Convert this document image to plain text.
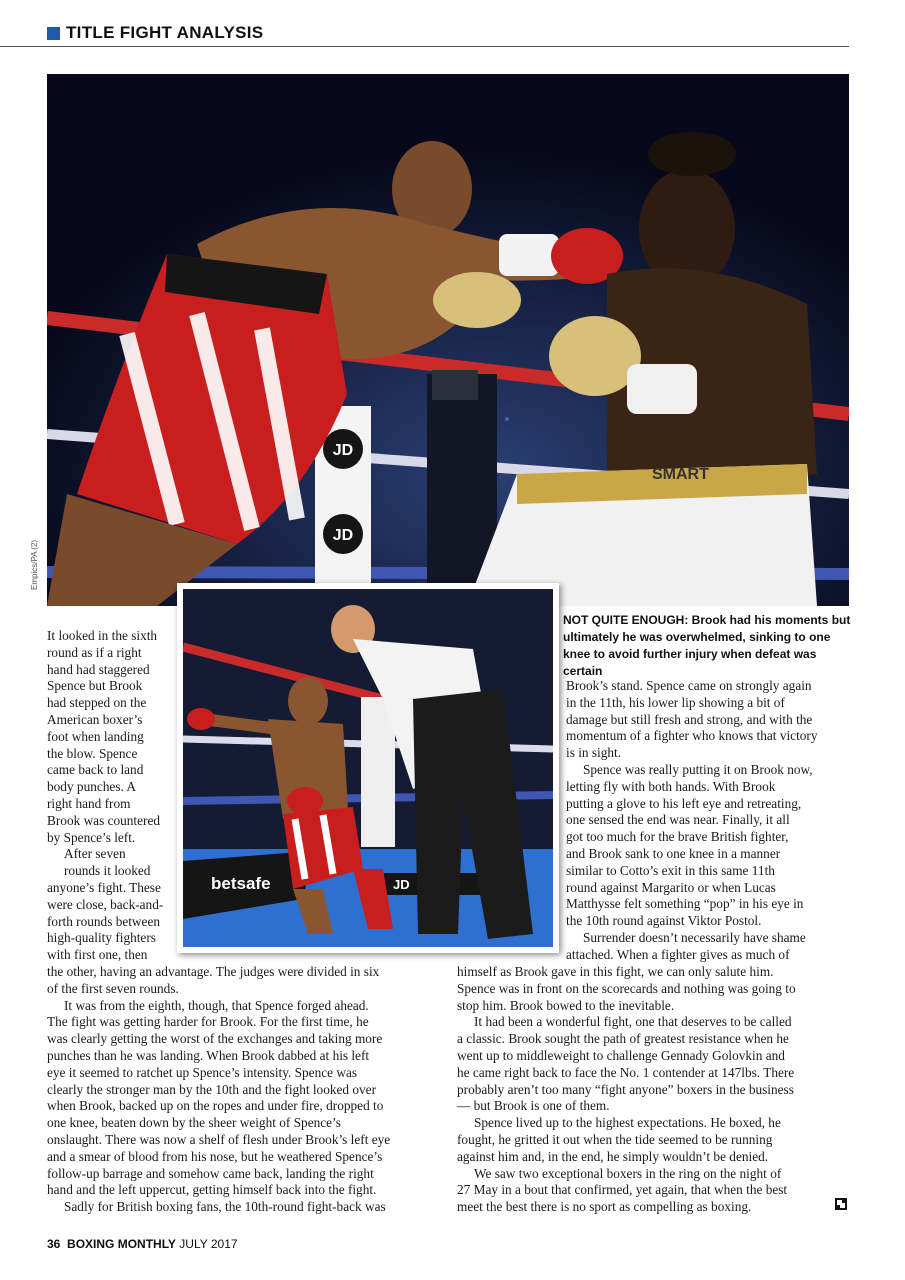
TITLE FIGHT ANALYSIS
JD
JD
SMART
Empics/PA (2)
betsafe	JD

NOT QUITE ENOUGH: Brook had his moments but ultimately he was overwhelmed, sinking to one knee to avoid further injury when defeat was certain

It looked in the sixth

round as if a right

hand had staggered

Spence but Brook

had stepped on the

American boxer’s

foot when landing

the blow. Spence

came back to land

body punches. A

right hand from

Brook was countered

by Spence’s left.

After seven

rounds it looked

anyone’s fight. These

were close, back-and-

forth rounds between

high-quality fighters

with first one, then

the other, having an advantage. The judges were divided in six

of the first seven rounds.

It was from the eighth, though, that Spence forged ahead.

The fight was getting harder for Brook. For the first time, he

was clearly getting the worst of the exchanges and taking more

punches than he was landing. When Brook dabbed at his left

eye it seemed to ratchet up Spence’s intensity. Spence was

clearly the stronger man by the 10th and the fight looked over

when Brook, backed up on the ropes and under fire, dropped to

one knee, beaten down by the sheer weight of Spence’s

onslaught. There was now a shelf of flesh under Brook’s left eye

and a smear of blood from his nose, but he weathered Spence’s

follow-up barrage and somehow came back, landing the right

hand and the left uppercut, getting himself back into the fight.

Sadly for British boxing fans, the 10th-round fight-back was

Brook’s stand. Spence came on strongly again

in the 11th, his lower lip showing a bit of

damage but still fresh and strong, and with the

momentum of a fighter who knows that victory

is in sight.

Spence was really putting it on Brook now,

letting fly with both hands. With Brook

putting a glove to his left eye and retreating,

one sensed the end was near. Finally, it all

got too much for the brave British fighter,

and Brook sank to one knee in a manner

similar to Cotto’s exit in this same 11th

round against Margarito or when Lucas

Matthysse felt something “pop” in his eye in

the 10th round against Viktor Postol.

Surrender doesn’t necessarily have shame

attached. When a fighter gives as much of

himself as Brook gave in this fight, we can only salute him.

Spence was in front on the scorecards and nothing was going to

stop him. Brook bowed to the inevitable.

It had been a wonderful fight, one that deserves to be called

a classic. Brook sought the path of greatest resistance when he

went up to middleweight to challenge Gennady Golovkin and

he came right back to face the No. 1 contender at 147lbs. There

probably aren’t too many “fight anyone” boxers in the business

— but Brook is one of them.

Spence lived up to the highest expectations. He boxed, he

fought, he gritted it out when the tide seemed to be running

against him and, in the end, he simply wouldn’t be denied.

We saw two exceptional boxers in the ring on the night of

27 May in a bout that confirmed, yet again, that when the best

meet the best there is no sport as compelling as boxing.

36 BOXING MONTHLY JULY 2017
